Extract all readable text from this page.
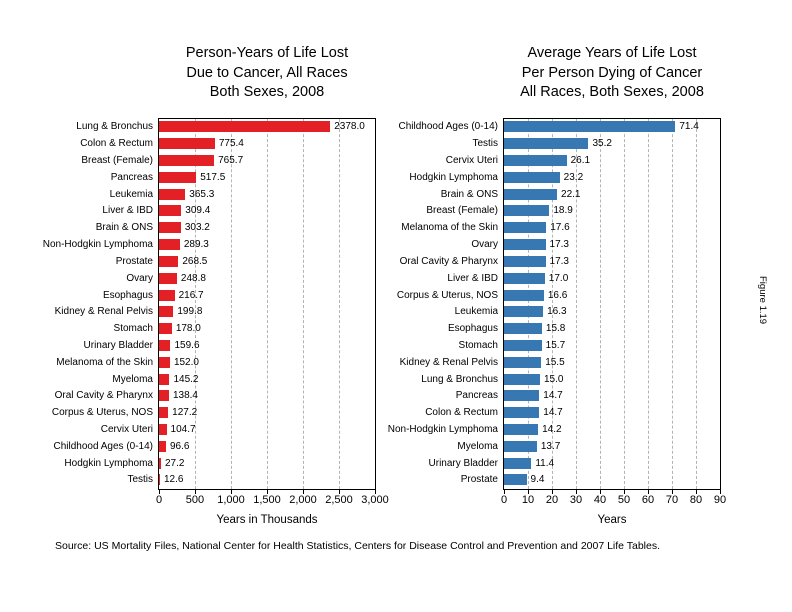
Person-Years of Life Lost
Due to Cancer, All Races
Both Sexes, 2008
Lung & Bronchus
Colon & Rectum
Breast (Female)
Pancreas
Leukemia
Liver & IBD
Brain & ONS
Non-Hodgkin Lymphoma
Prostate
Ovary
Esophagus
Kidney & Renal Pelvis
Stomach
Urinary Bladder
Melanoma of the Skin
Myeloma
Oral Cavity & Pharynx
Corpus & Uterus, NOS
Cervix Uteri
Childhood Ages (0-14)
Hodgkin Lymphoma
Testis
2378.0
775.4
765.7
517.5
365.3
309.4
303.2
289.3
268.5
248.8
216.7
199.8
178.0
159.6
152.0
145.2
138.4
127.2
104.7
96.6
27.2
12.6
0 500 1,000 1,500 2,000 2,500 3,000
Years in Thousands
Average Years of Life Lost
Per Person Dying of Cancer
All Races, Both Sexes, 2008
Childhood Ages (0-14)
Testis
Cervix Uteri
Hodgkin Lymphoma
Brain & ONS
Breast (Female)
Melanoma of the Skin
Ovary
Oral Cavity & Pharynx
Liver & IBD
Corpus & Uterus, NOS
Leukemia
Esophagus
Stomach
Kidney & Renal Pelvis
Lung & Bronchus
Pancreas
Colon & Rectum
Non-Hodgkin Lymphoma
Myeloma
Urinary Bladder
Prostate
71.4
35.2
26.1
23.2
22.1
18.9
17.6
17.3
17.3
17.0
16.6
16.3
15.8
15.7
15.5
15.0
14.7
14.7
14.2
13.7
11.4
9.4
0 10 20 30 40 50 60 70 80 90
Years
Source: US Mortality Files, National Center for Health Statistics, Centers for Disease Control and Prevention and 2007 Life Tables.
Figure 1.19
